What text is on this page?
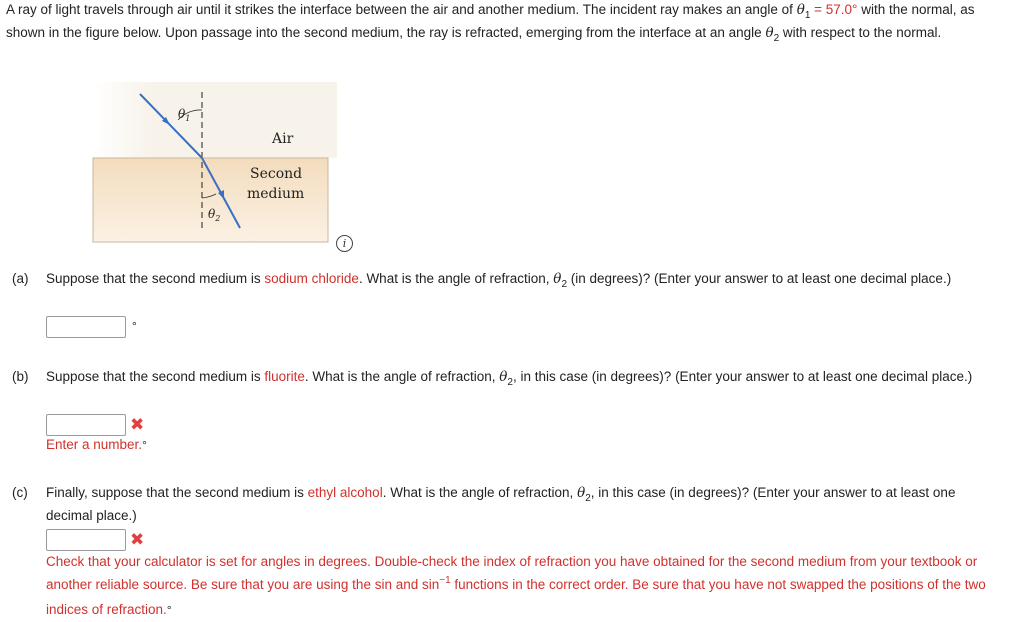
A ray of light travels through air until it strikes the interface between the air and another medium. The incident ray makes an angle of $\theta_1 = 57.0^\circ$ with the normal, as shown in the figure below. Upon passage into the second medium, the ray is refracted, emerging from the interface at an angle $\theta_2$ with respect to the normal.
$\theta_1$
$\theta_2$
Air
Second
medium
i
(a) Suppose that the second medium is sodium chloride. What is the angle of refraction, $\theta_2$ (in degrees)? (Enter your answer to at least one decimal place.)
°
(b) Suppose that the second medium is fluorite. What is the angle of refraction, $\theta_2$, in this case (in degrees)? (Enter your answer to at least one decimal place.)
✖
Enter a number.°
(c) Finally, suppose that the second medium is ethyl alcohol. What is the angle of refraction, $\theta_2$, in this case (in degrees)? (Enter your answer to at least one decimal place.)
✖
Check that your calculator is set for angles in degrees. Double-check the index of refraction you have obtained for the second medium from your textbook or another reliable source. Be sure that you are using the sin and $\sin^{-1}$ functions in the correct order. Be sure that you have not swapped the positions of the two indices of refraction.°
